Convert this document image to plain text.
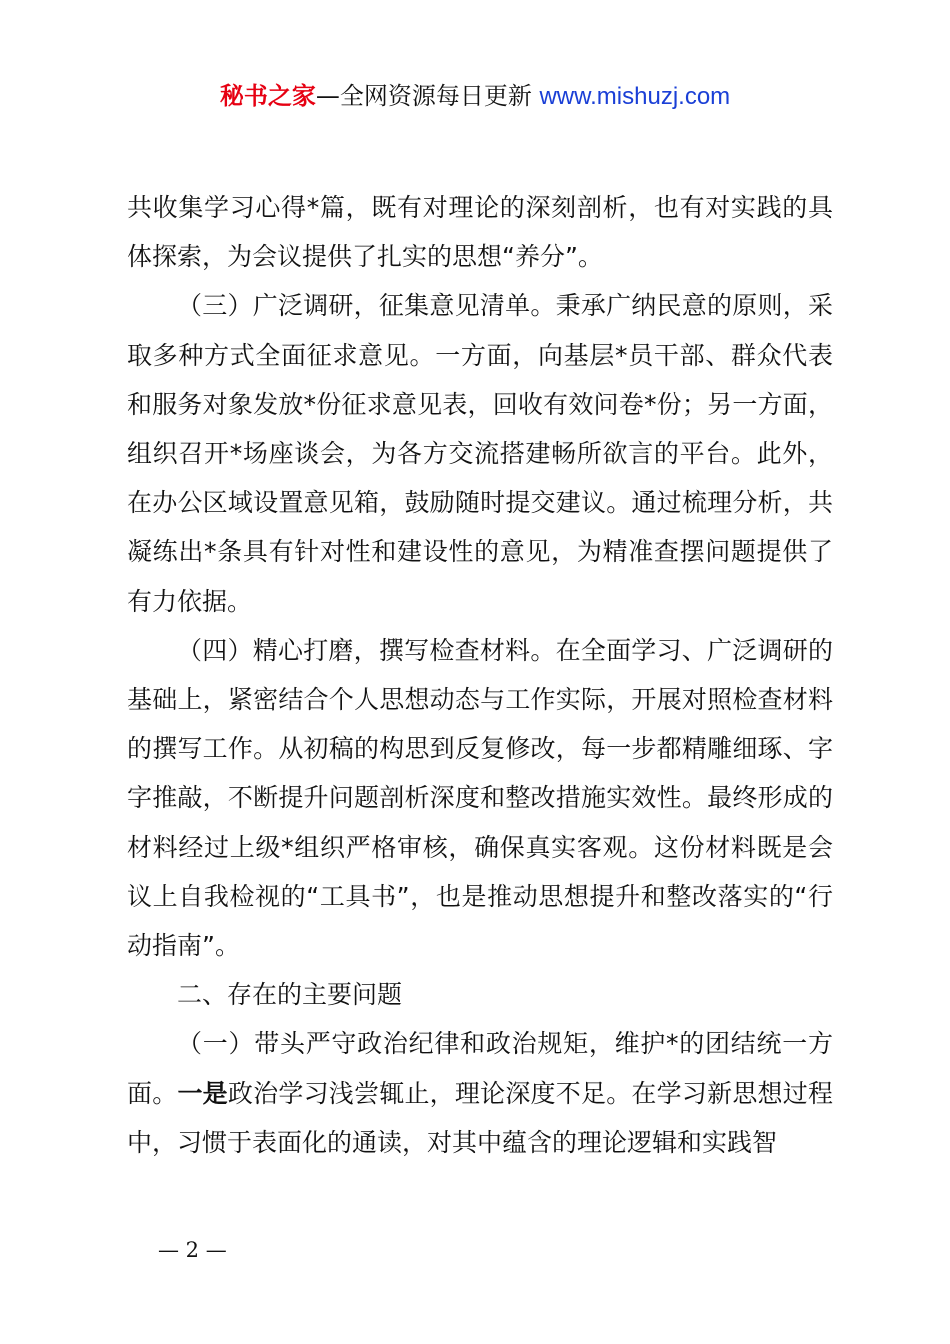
秘书之家—全网资源每日更新 www.mishuzj.com

共收集学习心得*篇，既有对理论的深刻剖析，也有对实践的具体探索，为会议提供了扎实的思想“养分”。

（三）广泛调研，征集意见清单。秉承广纳民意的原则，采取多种方式全面征求意见。一方面，向基层*员干部、群众代表和服务对象发放*份征求意见表，回收有效问卷*份；另一方面，组织召开*场座谈会，为各方交流搭建畅所欲言的平台。此外，在办公区域设置意见箱，鼓励随时提交建议。通过梳理分析，共凝练出*条具有针对性和建设性的意见，为精准查摆问题提供了有力依据。

（四）精心打磨，撰写检查材料。在全面学习、广泛调研的基础上，紧密结合个人思想动态与工作实际，开展对照检查材料的撰写工作。从初稿的构思到反复修改，每一步都精雕细琢、字字推敲，不断提升问题剖析深度和整改措施实效性。最终形成的材料经过上级*组织严格审核，确保真实客观。这份材料既是会议上自我检视的“工具书”，也是推动思想提升和整改落实的“行动指南”。

二、存在的主要问题

（一）带头严守政治纪律和政治规矩，维护*的团结统一方面。一是政治学习浅尝辄止，理论深度不足。在学习新思想过程中，习惯于表面化的通读，对其中蕴含的理论逻辑和实践智

— 2 —
